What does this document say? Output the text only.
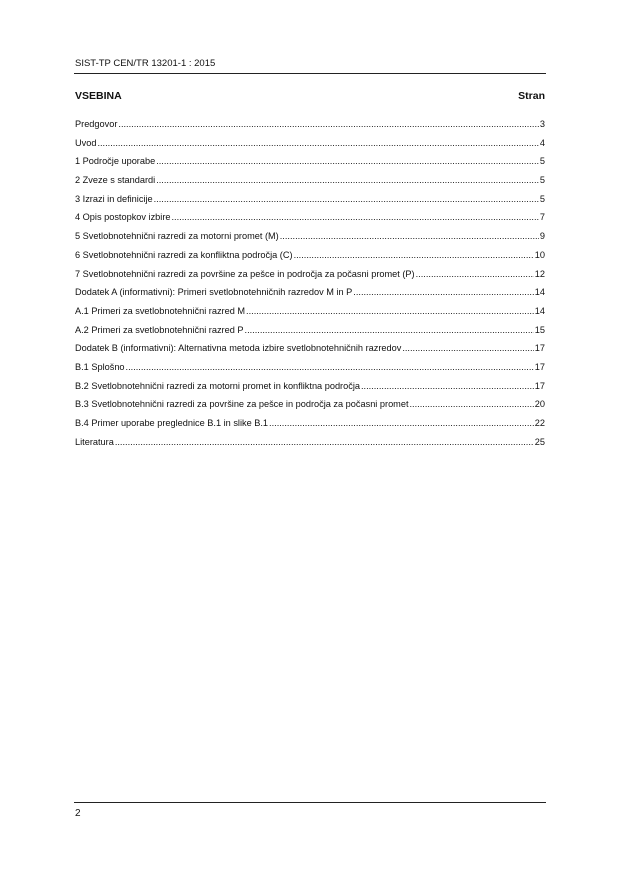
SIST-TP CEN/TR 13201-1 : 2015
VSEBINA	Stran
Predgovor .....	3
Uvod .....	4
1 Področje uporabe .....	5
2 Zveze s standardi .....	5
3 Izrazi in definicije .....	5
4 Opis postopkov izbire .....	7
5 Svetlobnotehnični razredi za motorni promet (M) .....	9
6 Svetlobnotehnični razredi za konfliktna področja (C) .....	10
7 Svetlobnotehnični razredi za površine za pešce in področja za počasni promet (P) .....	12
Dodatek A (informativni): Primeri svetlobnotehničnih razredov M in P .....	14
A.1 Primeri za svetlobnotehnični razred M .....	14
A.2 Primeri za svetlobnotehnični razred P .....	15
Dodatek B (informativni): Alternativna metoda izbire svetlobnotehničnih razredov .....	17
B.1 Splošno .....	17
B.2 Svetlobnotehnični razredi za motorni promet in konfliktna področja .....	17
B.3 Svetlobnotehnični razredi za površine za pešce in področja za počasni promet .....	20
B.4 Primer uporabe preglednice B.1 in slike B.1 .....	22
Literatura .....	25
2
